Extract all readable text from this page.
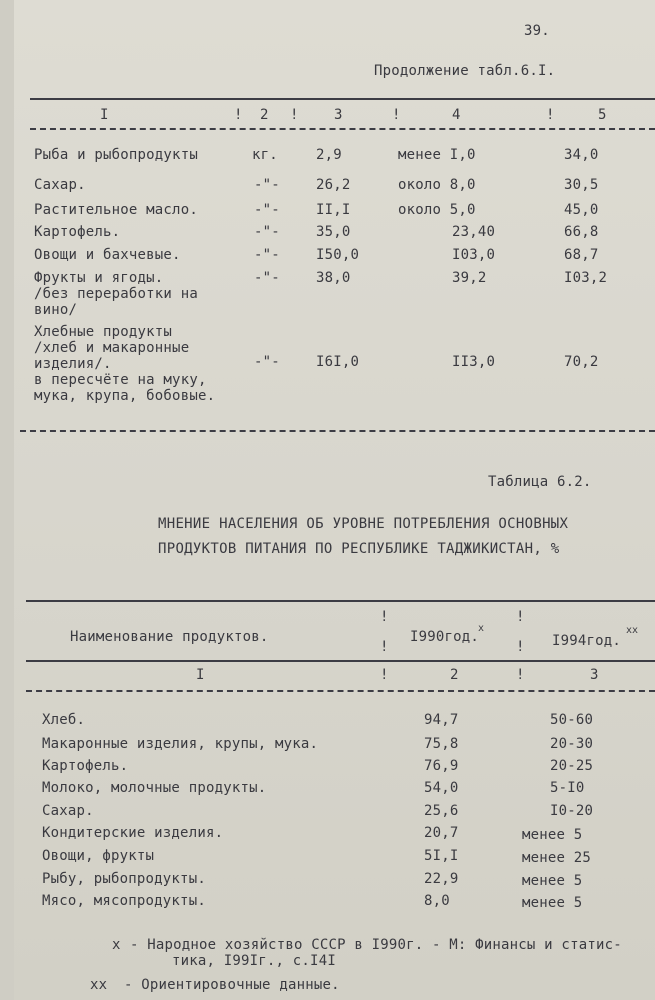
39.
Продолжение табл.6.I.
I	! 2 !	3	!	4	!	5
Рыба и рыбопродукты	кг.	2,9	менее I,0	34,0
Сахар.	-"-	26,2	около 8,0	30,5
Растительное масло.	-"-	II,I	около 5,0	45,0
Картофель.	-"-	35,0	23,40	66,8
Овощи и бахчевые.	-"-	I50,0	I03,0	68,7
Фрукты и ягоды.
/без переработки на
вино/
-"-	38,0	39,2	I03,2
Хлебные продукты
/хлеб и макаронные
изделия/.
в пересчёте на муку,
мука, крупа, бобовые.
-"-	I6I,0	II3,0	70,2
Таблица 6.2.
МНЕНИЕ НАСЕЛЕНИЯ ОБ УРОВНЕ ПОТРЕБЛЕНИЯ ОСНОВНЫХ
ПРОДУКТОВ ПИТАНИЯ ПО РЕСПУБЛИКЕ ТАДЖИКИСТАН, %
!	!
Наименование продуктов.	I990год.
х
I994год.
хх
!	!
I	!	2	!	3
Хлеб.	94,7	50-60
Макаронные изделия, крупы, мука.	75,8	20-30
Картофель.	76,9	20-25
Молоко, молочные продукты.	54,0	5-I0
Сахар.	25,6	I0-20
Кондитерские изделия.	20,7	менее 5
Овощи, фрукты	5I,I	менее 25
Рыбу, рыбопродукты.	22,9	менее 5
Мясо, мясопродукты.	8,0	менее 5
х - Народное хозяйство СССР в I990г. - М: Финансы и статис-
тика, I99Iг., с.I4I
хх - Ориентировочные данные.
